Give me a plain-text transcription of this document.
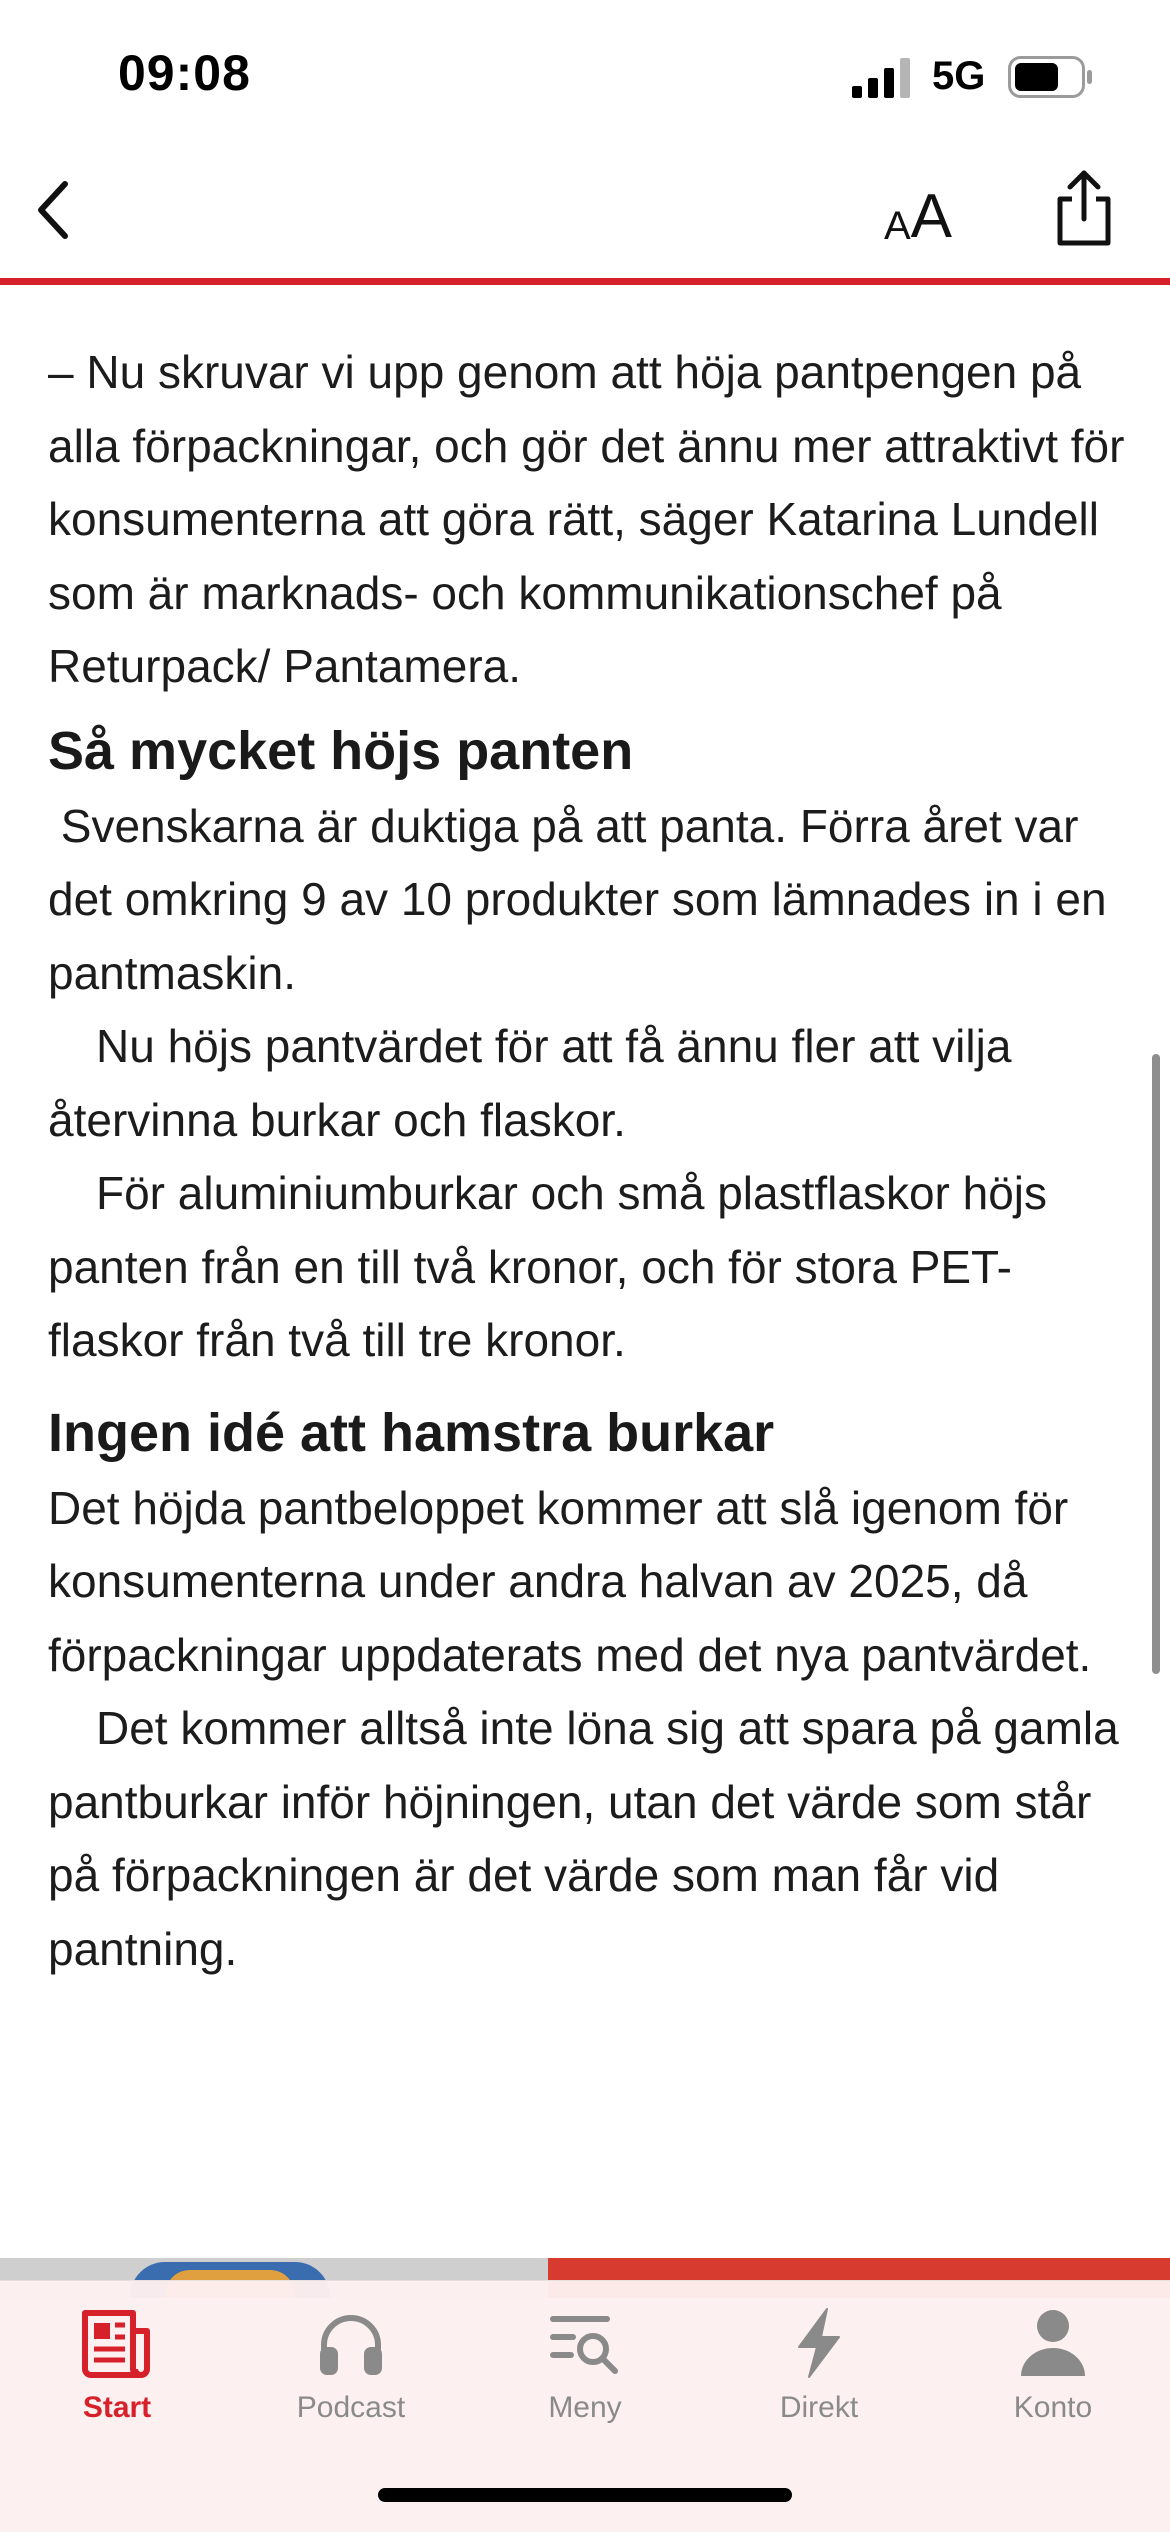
09:08	5G
A A

– Nu skruvar vi upp genom att höja pantpengen på alla förpackningar, och gör det ännu mer attraktivt för konsumenterna att göra rätt, säger Katarina Lundell som är marknads- och kommunikationschef på Returpack/ Pantamera.

Så mycket höjs panten

Svenskarna är duktiga på att panta. Förra året var det omkring 9 av 10 produkter som lämnades in i en pantmaskin.

Nu höjs pantvärdet för att få ännu fler att vilja återvinna burkar och flaskor.

För aluminiumburkar och små plastflaskor höjs panten från en till två kronor, och för stora PET-flaskor från två till tre kronor.

Ingen idé att hamstra burkar

Det höjda pantbeloppet kommer att slå igenom för konsumenterna under andra halvan av 2025, då förpackningar uppdaterats med det nya pantvärdet.

Det kommer alltså inte löna sig att spara på gamla pantburkar inför höjningen, utan det värde som står på förpackningen är det värde som man får vid pantning.

Start	Podcast	Meny	Direkt	Konto
